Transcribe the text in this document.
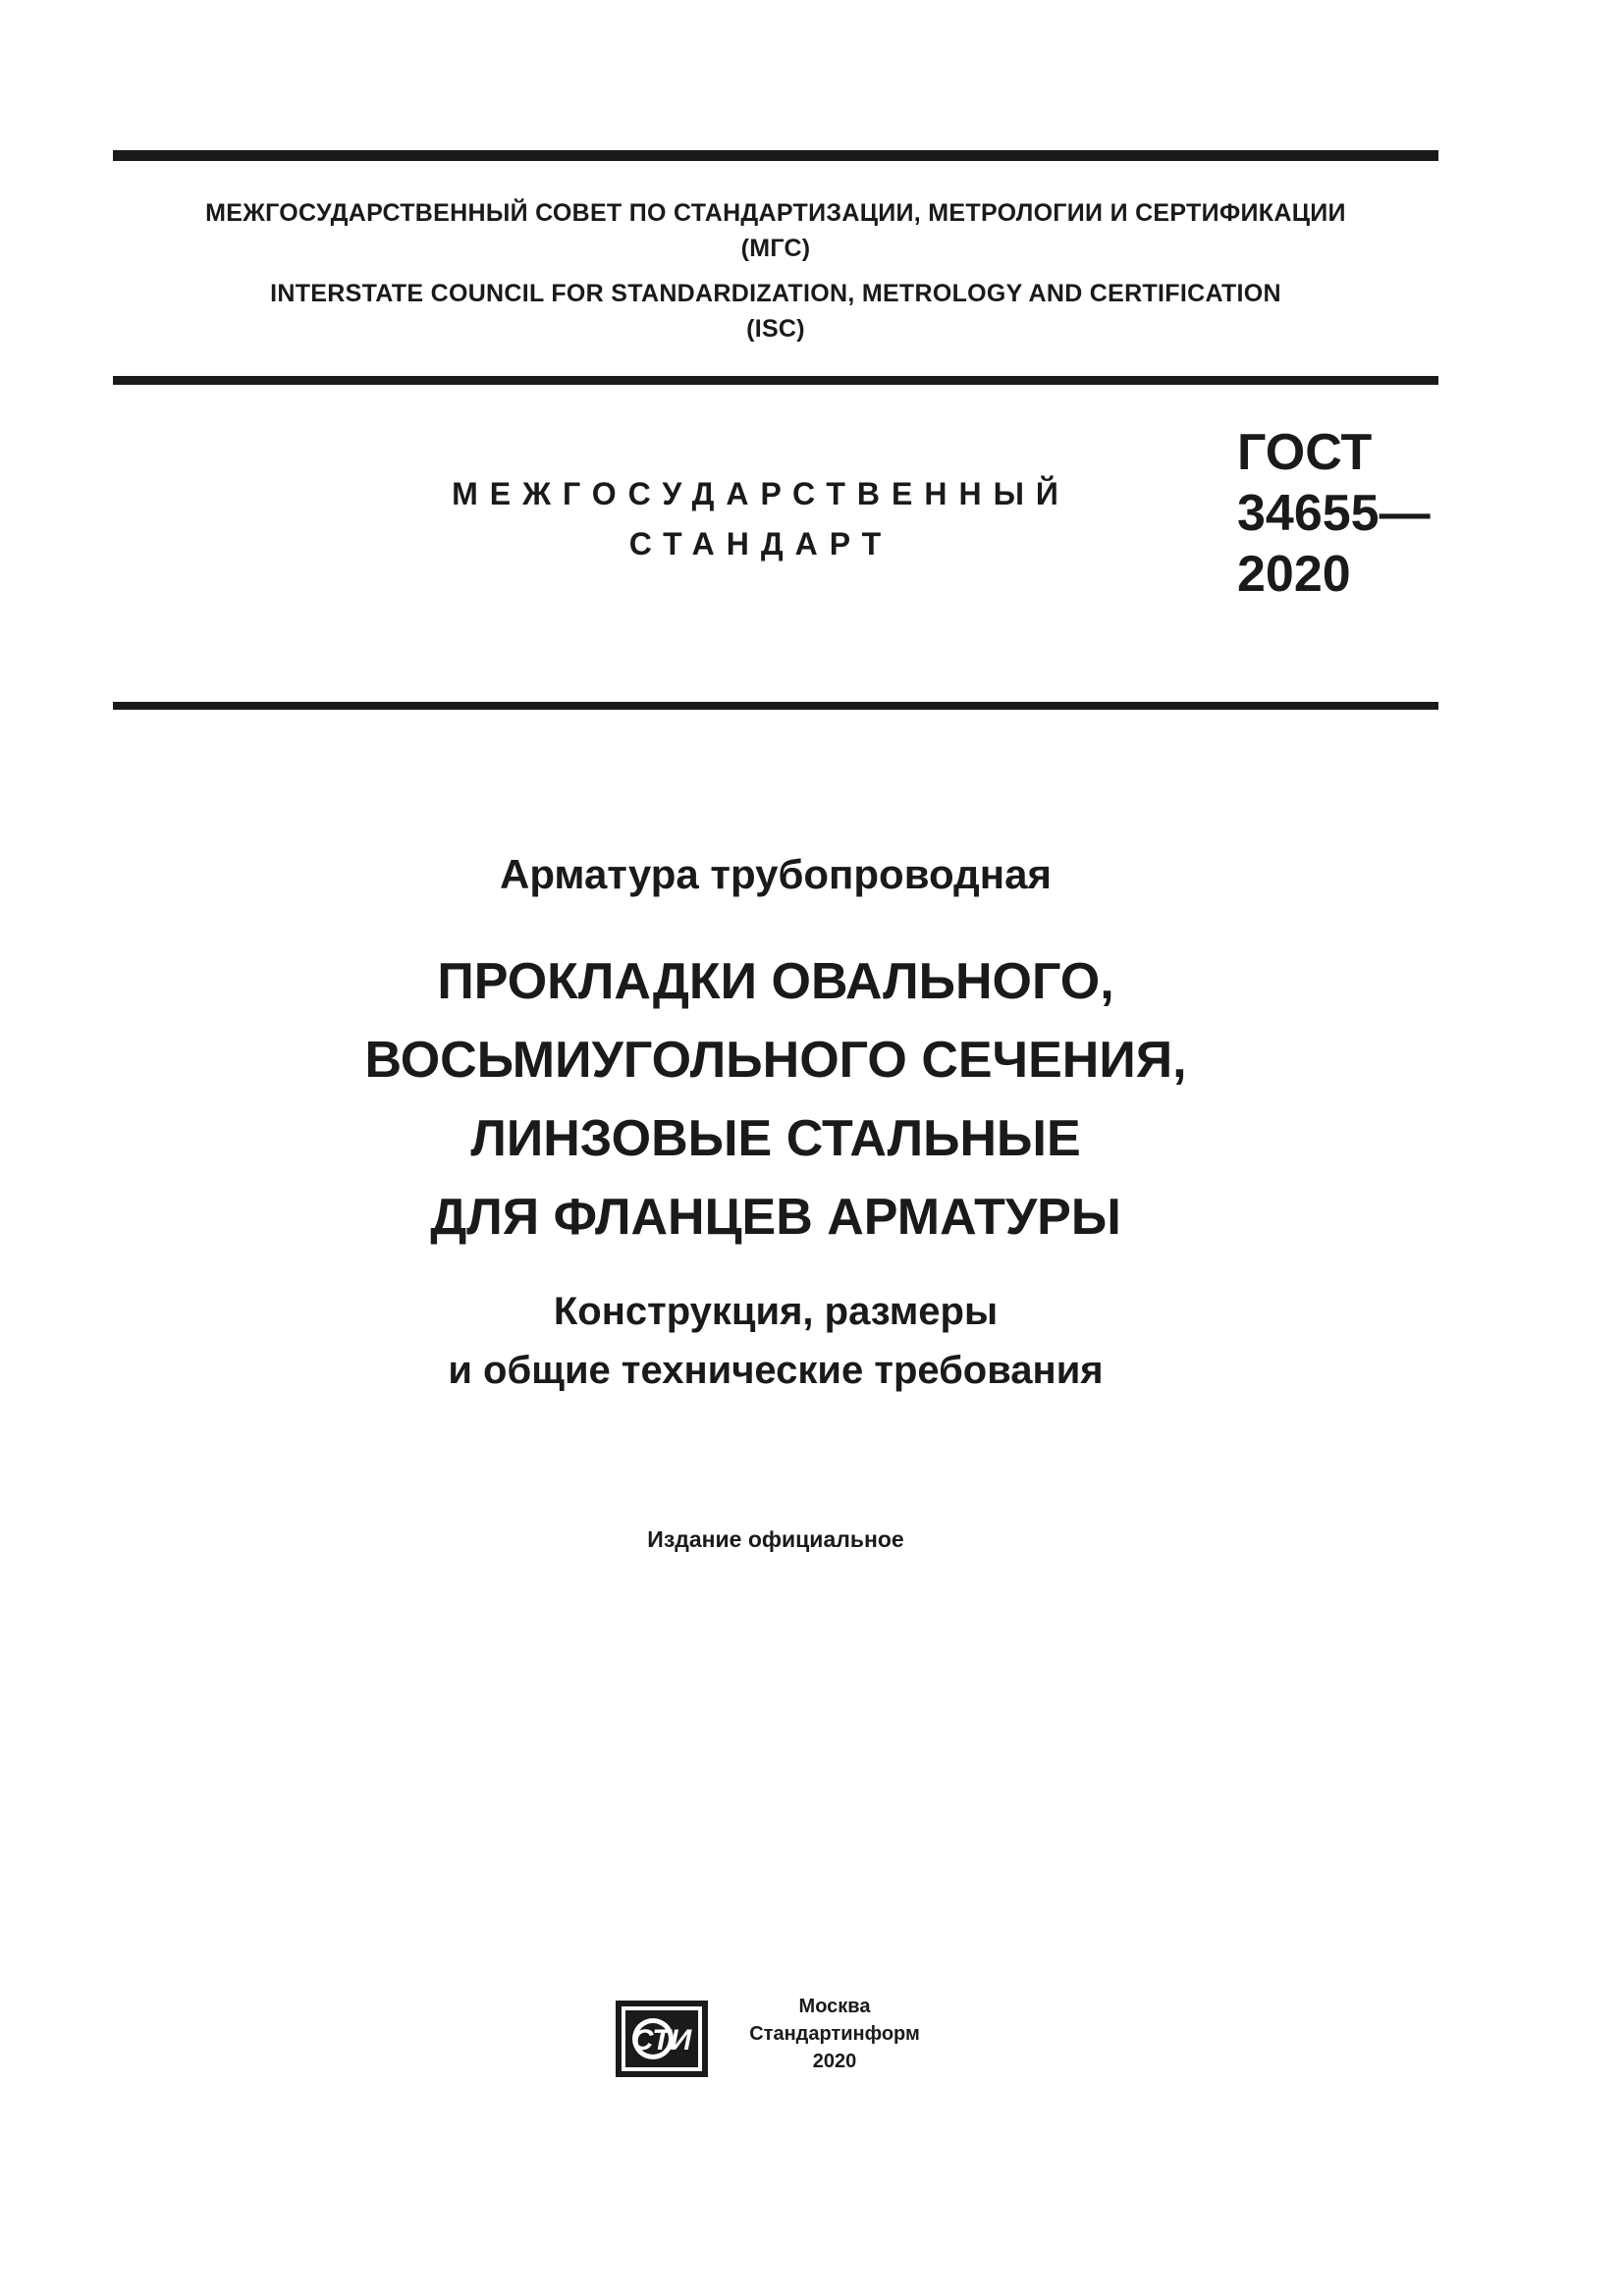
МЕЖГОСУДАРСТВЕННЫЙ СОВЕТ ПО СТАНДАРТИЗАЦИИ, МЕТРОЛОГИИ И СЕРТИФИКАЦИИ
(МГС)
INTERSTATE COUNCIL FOR STANDARDIZATION, METROLOGY AND CERTIFICATION
(ISC)
МЕЖГОСУДАРСТВЕННЫЙ
СТАНДАРТ
ГОСТ
34655—
2020
Арматура трубопроводная
ПРОКЛАДКИ ОВАЛЬНОГО,
ВОСЬМИУГОЛЬНОГО СЕЧЕНИЯ,
ЛИНЗОВЫЕ СТАЛЬНЫЕ
ДЛЯ ФЛАНЦЕВ АРМАТУРЫ
Конструкция, размеры
и общие технические требования
Издание официальное
СТИ
Москва
Стандартинформ
2020
